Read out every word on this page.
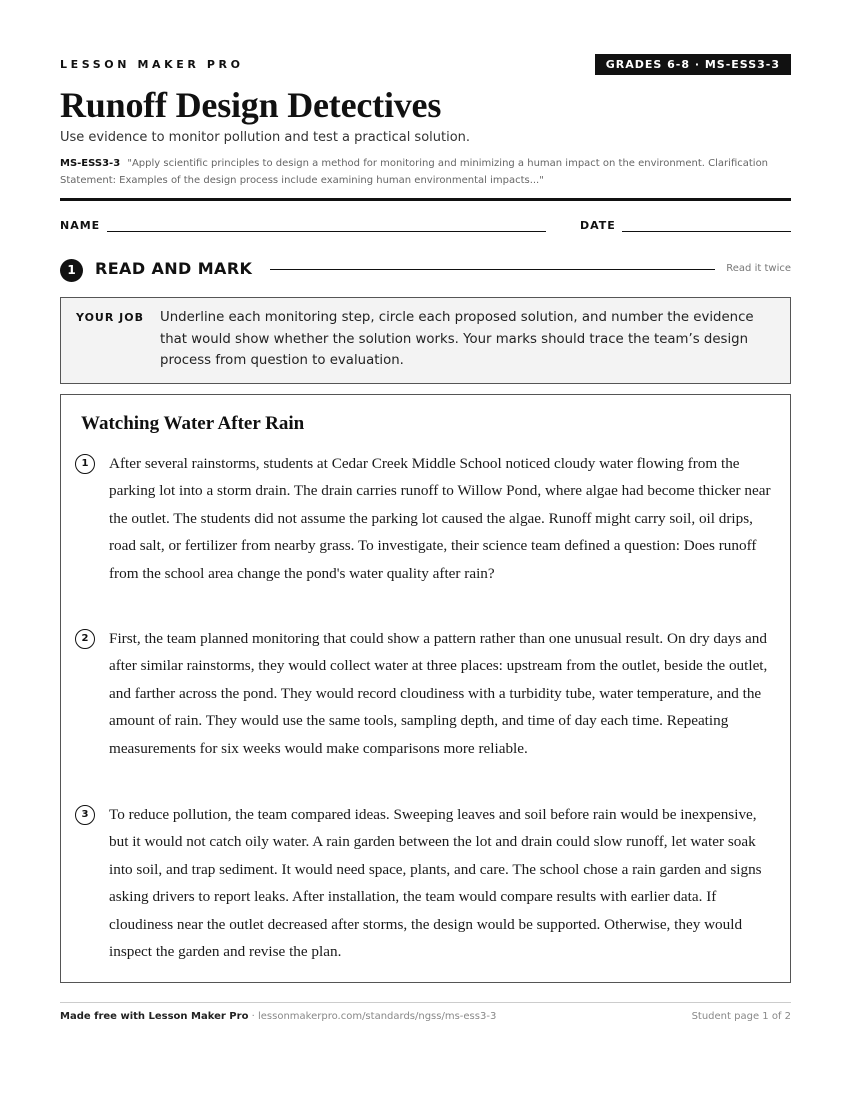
LESSON MAKER PRO	GRADES 6-8 · MS-ESS3-3
Runoff Design Detectives
Use evidence to monitor pollution and test a practical solution.
MS-ESS3-3 "Apply scientific principles to design a method for monitoring and minimizing a human impact on the environment. Clarification Statement: Examples of the design process include examining human environmental impacts..."
NAME	DATE
1	READ AND MARK	Read it twice
YOUR JOB Underline each monitoring step, circle each proposed solution, and number the evidence that would show whether the solution works. Your marks should trace the team’s design process from question to evaluation.
Watching Water After Rain
1	After several rainstorms, students at Cedar Creek Middle School noticed cloudy water flowing from the parking lot into a storm drain. The drain carries runoff to Willow Pond, where algae had become thicker near the outlet. The students did not assume the parking lot caused the algae. Runoff might carry soil, oil drips, road salt, or fertilizer from nearby grass. To investigate, their science team defined a question: Does runoff from the school area change the pond's water quality after rain?
2	First, the team planned monitoring that could show a pattern rather than one unusual result. On dry days and after similar rainstorms, they would collect water at three places: upstream from the outlet, beside the outlet, and farther across the pond. They would record cloudiness with a turbidity tube, water temperature, and the amount of rain. They would use the same tools, sampling depth, and time of day each time. Repeating measurements for six weeks would make comparisons more reliable.
3	To reduce pollution, the team compared ideas. Sweeping leaves and soil before rain would be inexpensive, but it would not catch oily water. A rain garden between the lot and drain could slow runoff, let water soak into soil, and trap sediment. It would need space, plants, and care. The school chose a rain garden and signs asking drivers to report leaks. After installation, the team would compare results with earlier data. If cloudiness near the outlet decreased after storms, the design would be supported. Otherwise, they would inspect the garden and revise the plan.
Made free with Lesson Maker Pro · lessonmakerpro.com/standards/ngss/ms-ess3-3	Student page 1 of 2
